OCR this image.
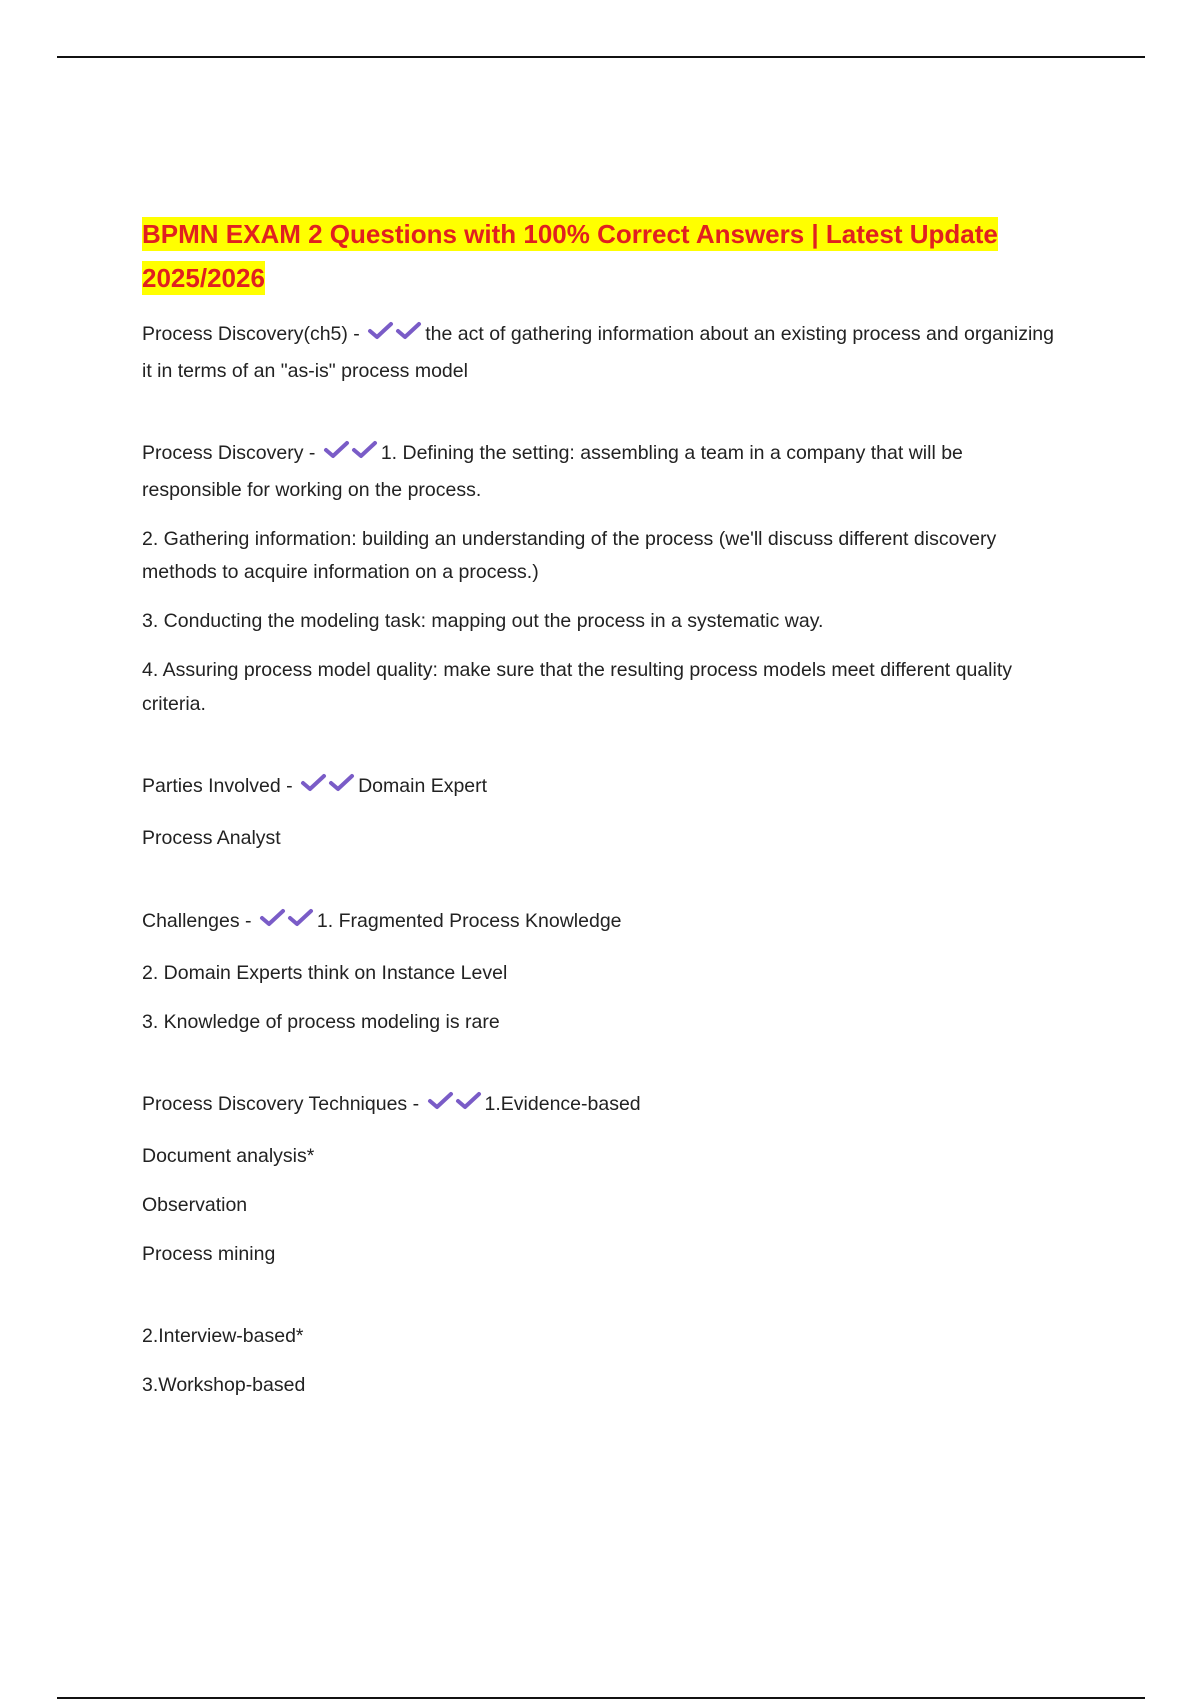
BPMN EXAM 2 Questions with 100% Correct Answers | Latest Update 2025/2026

Process Discovery(ch5) -	the act of gathering information about an existing process and organizing it in terms of an "as-is" process model

Process Discovery -	1. Defining the setting: assembling a team in a company that will be responsible for working on the process.

2. Gathering information: building an understanding of the process (we'll discuss different discovery methods to acquire information on a process.)

3. Conducting the modeling task: mapping out the process in a systematic way.

4. Assuring process model quality: make sure that the resulting process models meet different quality criteria.

Parties Involved -	Domain Expert

Process Analyst

Challenges -	1. Fragmented Process Knowledge

2. Domain Experts think on Instance Level

3. Knowledge of process modeling is rare

Process Discovery Techniques -	1.Evidence-based

Document analysis*

Observation

Process mining

2.Interview-based*

3.Workshop-based
